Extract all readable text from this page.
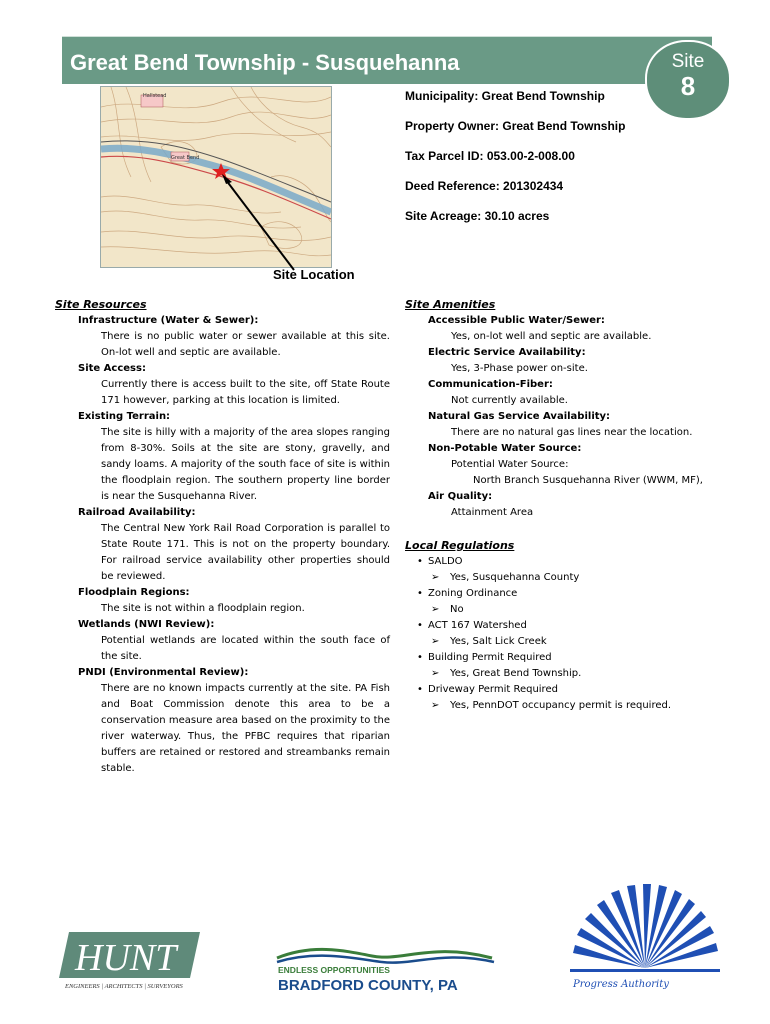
Great Bend Township - Susquehanna	Site
8
Hallstead
Great Bend
Site Location
Municipality: Great Bend Township
Property Owner: Great Bend Township
Tax Parcel ID: 053.00-2-008.00
Deed Reference: 201302434
Site Acreage: 30.10 acres
Site Resources
Infrastructure (Water & Sewer):
There is no public water or sewer available at this site. On-lot well and septic are available.
Site Access:
Currently there is access built to the site, off State Route 171 however, parking at this location is limited.
Existing Terrain:
The site is hilly with a majority of the area slopes ranging from 8-30%. Soils at the site are stony, gravelly, and sandy loams. A majority of the south face of site is within the floodplain region. The southern property line border is near the Susquehanna River.
Railroad Availability:
The Central New York Rail Road Corporation is parallel to State Route 171. This is not on the property boundary. For railroad service availability other properties should be reviewed.
Floodplain Regions:
The site is not within a floodplain region.
Wetlands (NWI Review):
Potential wetlands are located within the south face of the site.
PNDI (Environmental Review):
There are no known impacts currently at the site. PA Fish and Boat Commission denote this area to be a conservation measure area based on the proximity to the river waterway. Thus, the PFBC requires that riparian buffers are retained or restored and streambanks remain stable.
Site Amenities
Accessible Public Water/Sewer:
Yes, on-lot well and septic are available.
Electric Service Availability:
Yes, 3-Phase power on-site.
Communication-Fiber:
Not currently available.
Natural Gas Service Availability:
There are no natural gas lines near the location.
Non-Potable Water Source:
Potential Water Source:
North Branch Susquehanna River (WWM, MF),
Air Quality:
Attainment Area
Local Regulations
• SALDO
➢ Yes, Susquehanna County
• Zoning Ordinance
➢ No
• ACT 167 Watershed
➢ Yes, Salt Lick Creek
• Building Permit Required
➢ Yes, Great Bend Township.
• Driveway Permit Required
➢ Yes, PennDOT occupancy permit is required.
HUNT
ENGINEERS | ARCHITECTS | SURVEYORS
ENDLESS OPPORTUNITIES
BRADFORD COUNTY, PA	Progress Authority
